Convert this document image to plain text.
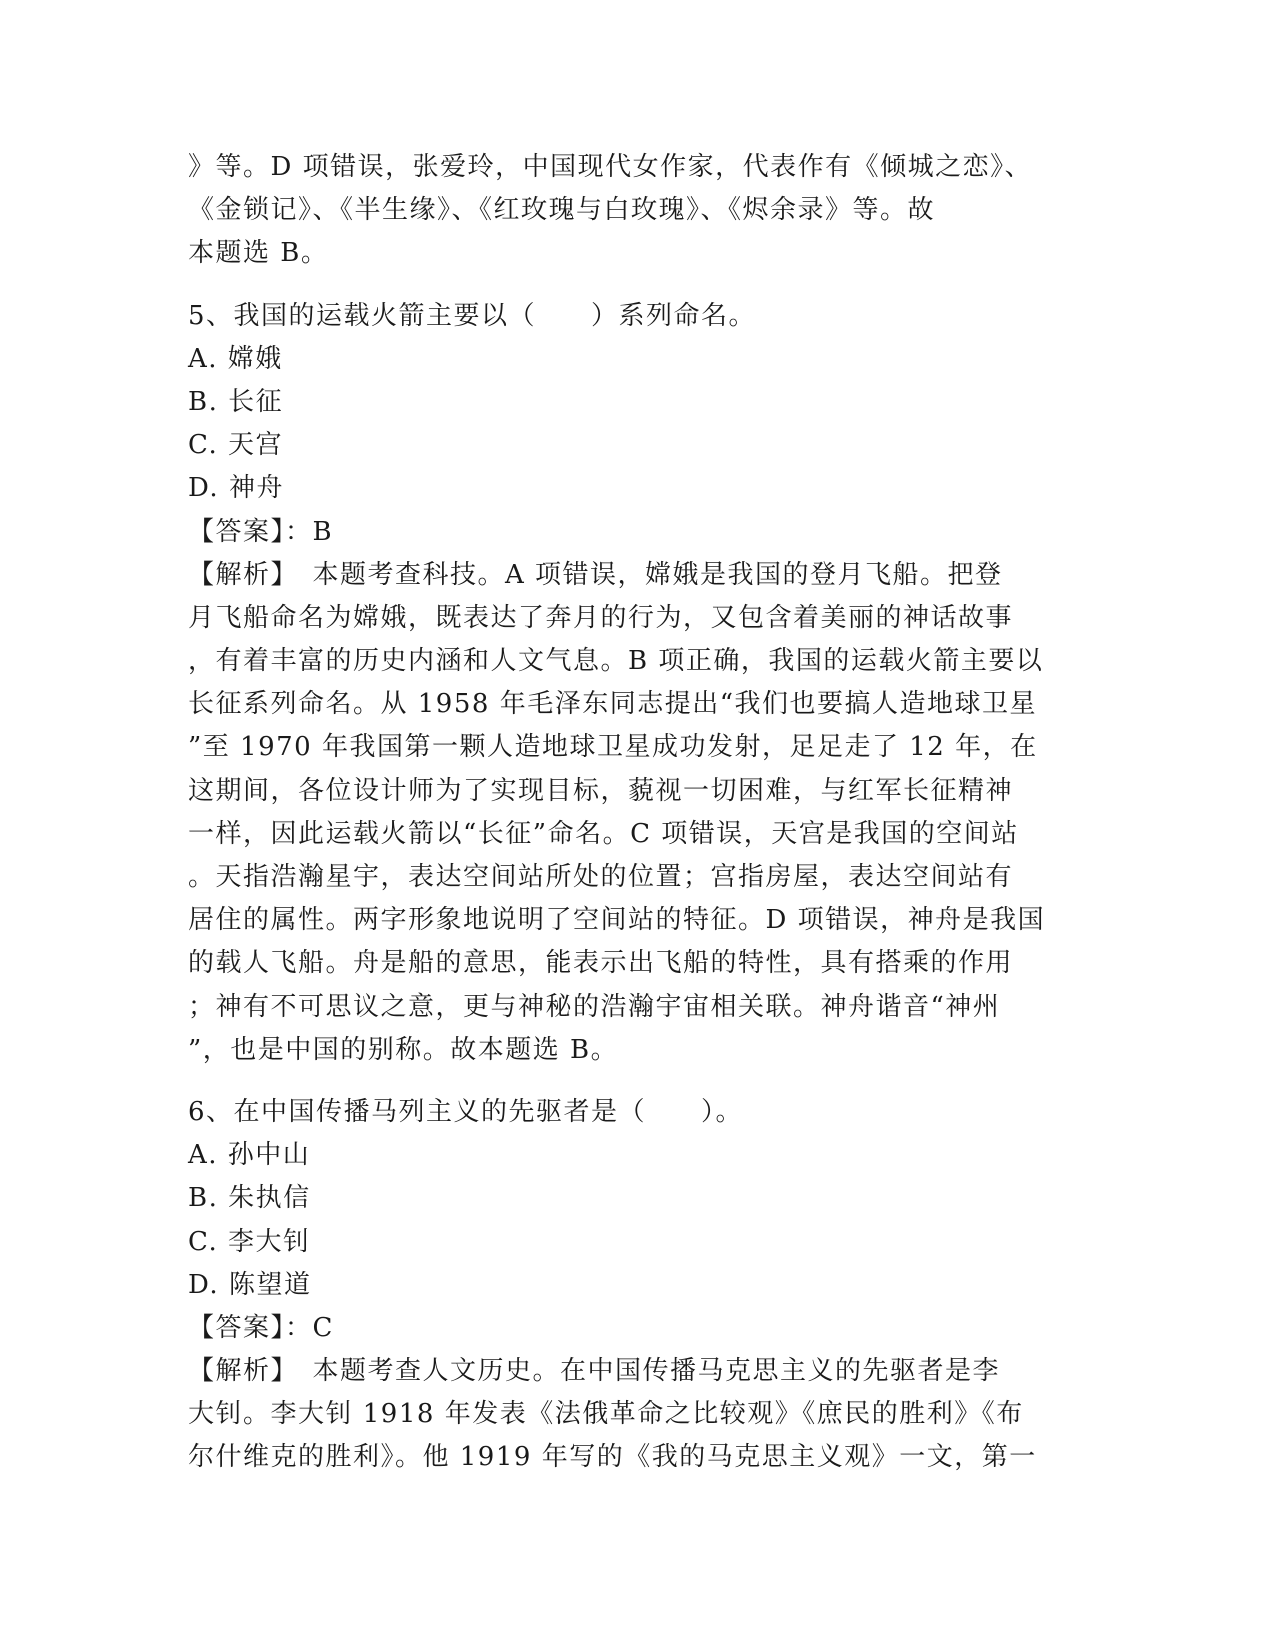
》等。D 项错误，张爱玲，中国现代女作家，代表作有《倾城之恋》、
《金锁记》、《半生缘》、《红玫瑰与白玫瑰》、《烬余录》等。故
本题选 B。
5、我国的运载火箭主要以（　　）系列命名。
A. 嫦娥
B. 长征
C. 天宫
D. 神舟
【答案】：B
【解析】　本题考查科技。A 项错误，嫦娥是我国的登月飞船。把登
月飞船命名为嫦娥，既表达了奔月的行为，又包含着美丽的神话故事
，有着丰富的历史内涵和人文气息。B 项正确，我国的运载火箭主要以
长征系列命名。从 1958 年毛泽东同志提出“我们也要搞人造地球卫星
”至 1970 年我国第一颗人造地球卫星成功发射，足足走了 12 年，在
这期间，各位设计师为了实现目标，藐视一切困难，与红军长征精神
一样，因此运载火箭以“长征”命名。C 项错误，天宫是我国的空间站
。天指浩瀚星宇，表达空间站所处的位置；宫指房屋，表达空间站有
居住的属性。两字形象地说明了空间站的特征。D 项错误，神舟是我国
的载人飞船。舟是船的意思，能表示出飞船的特性，具有搭乘的作用
；神有不可思议之意，更与神秘的浩瀚宇宙相关联。神舟谐音“神州
”，也是中国的别称。故本题选 B。
6、在中国传播马列主义的先驱者是（　　）。
A. 孙中山
B. 朱执信
C. 李大钊
D. 陈望道
【答案】：C
【解析】　本题考查人文历史。在中国传播马克思主义的先驱者是李
大钊。李大钊 1918 年发表《法俄革命之比较观》《庶民的胜利》《布
尔什维克的胜利》。他 1919 年写的《我的马克思主义观》一文，第一
